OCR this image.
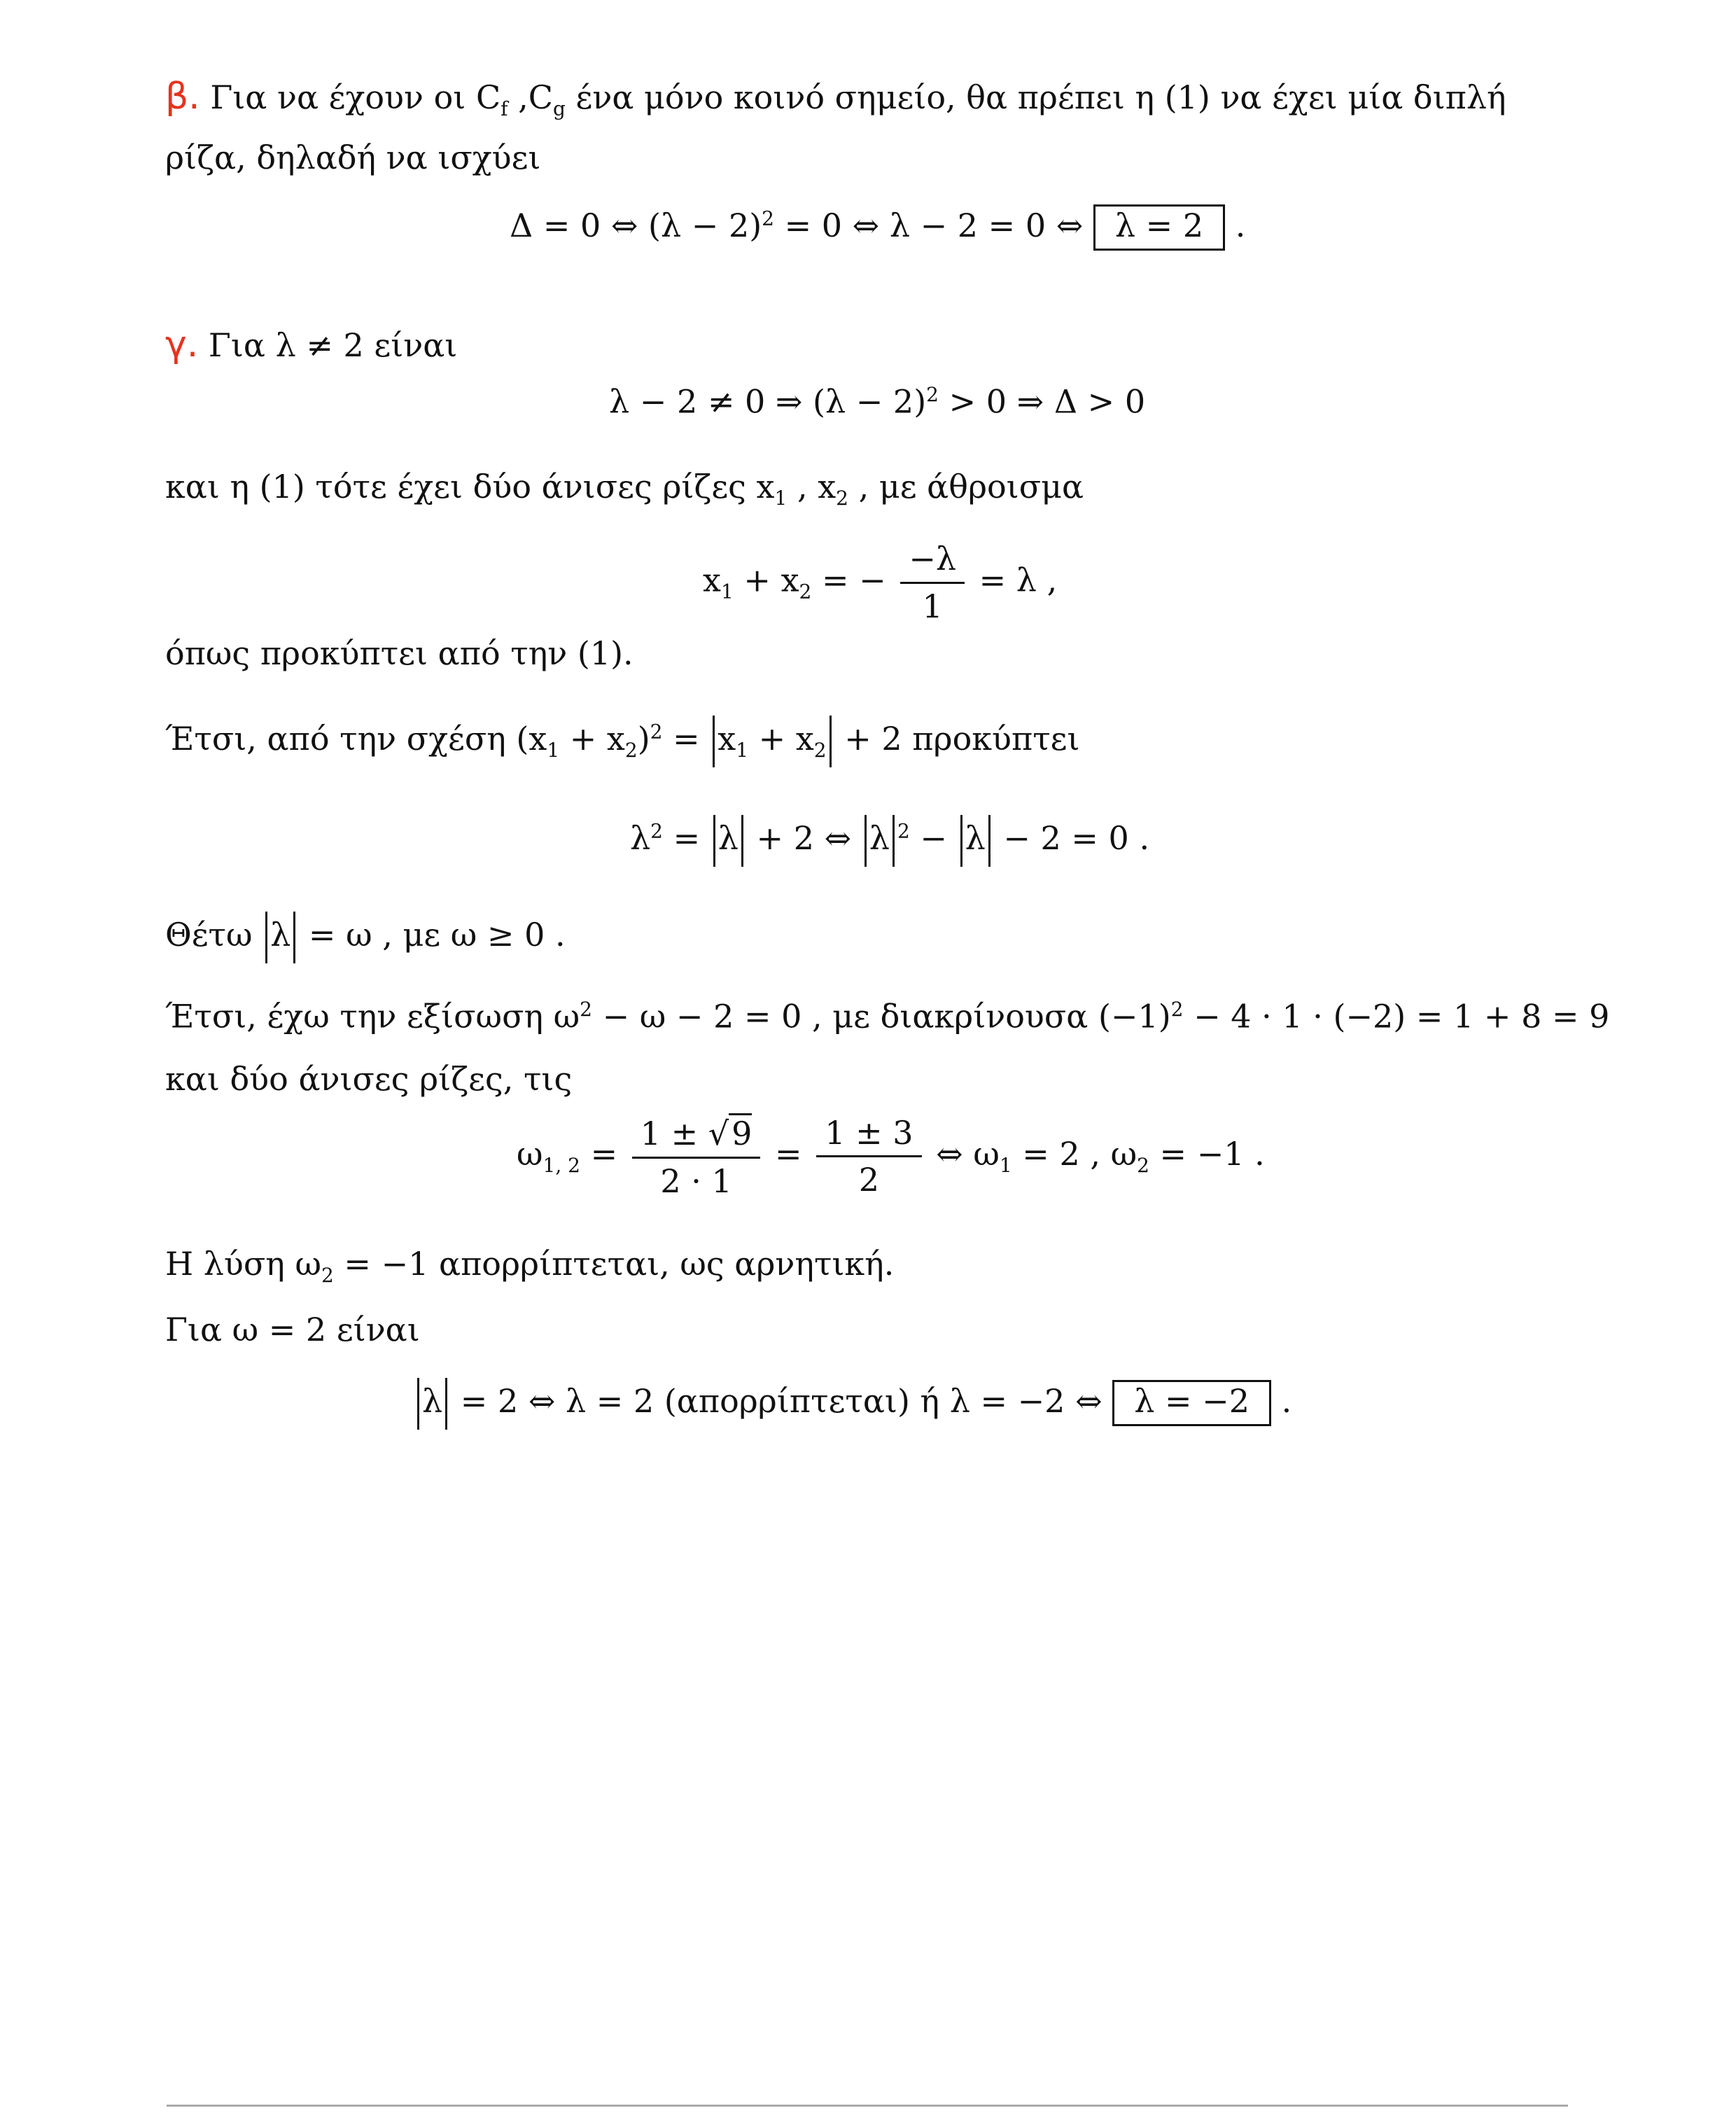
β. Για να έχουν οι $C_f$ $,C_g$ ένα μόνο κοινό σημείο, θα πρέπει η (1) να έχει μία διπλή
ρίζα, δηλαδή να ισχύει
Δ = 0 ⇔ $(\lambda - 2)^2 = 0$ ⇔ λ − 2 = 0 ⇔ λ = 2 .
γ. Για λ ≠ 2 είναι
λ − 2 ≠ 0 ⇒ $(\lambda - 2)^2 > 0$ ⇒ Δ > 0
και η (1) τότε έχει δύο άνισες ρίζες $x_1$ , $x_2$ , με άθροισμα
$x_1 + x_2$ = − $\frac{-\lambda}{1} = \lambda$ ,
όπως προκύπτει από την (1).
Έτσι, από την σχέση $(x_1 + x_2)^2 = x_1 + x_2 + 2$ προκύπτει
$\lambda^2 = \lambda + 2$ ⇔ λ $^2$ − λ − 2 = 0 .
Θέτω λ = ω , με ω ≥ 0 .
Έτσι, έχω την εξίσωση $\omega^2 - \omega - 2 = 0$ , με διακρίνουσα $(-1)^2 - 4 \cdot 1 \cdot (-2) = 1 + 8 = 9$
και δύο άνισες ρίζες, τις
$\omega_{1, 2} = \frac{1 \pm √9}{2 \cdot 1} = \frac{1 \pm 3}{2}$ ⇔ $\omega_1 = 2$ , $\omega_2 = -1$ .
Η λύση $\omega_2 = -1$ απορρίπτεται, ως αρνητική.
Για ω = 2 είναι
λ = 2 ⇔ λ = 2 (απορρίπτεται) ή λ = −2 ⇔ λ = −2 .
